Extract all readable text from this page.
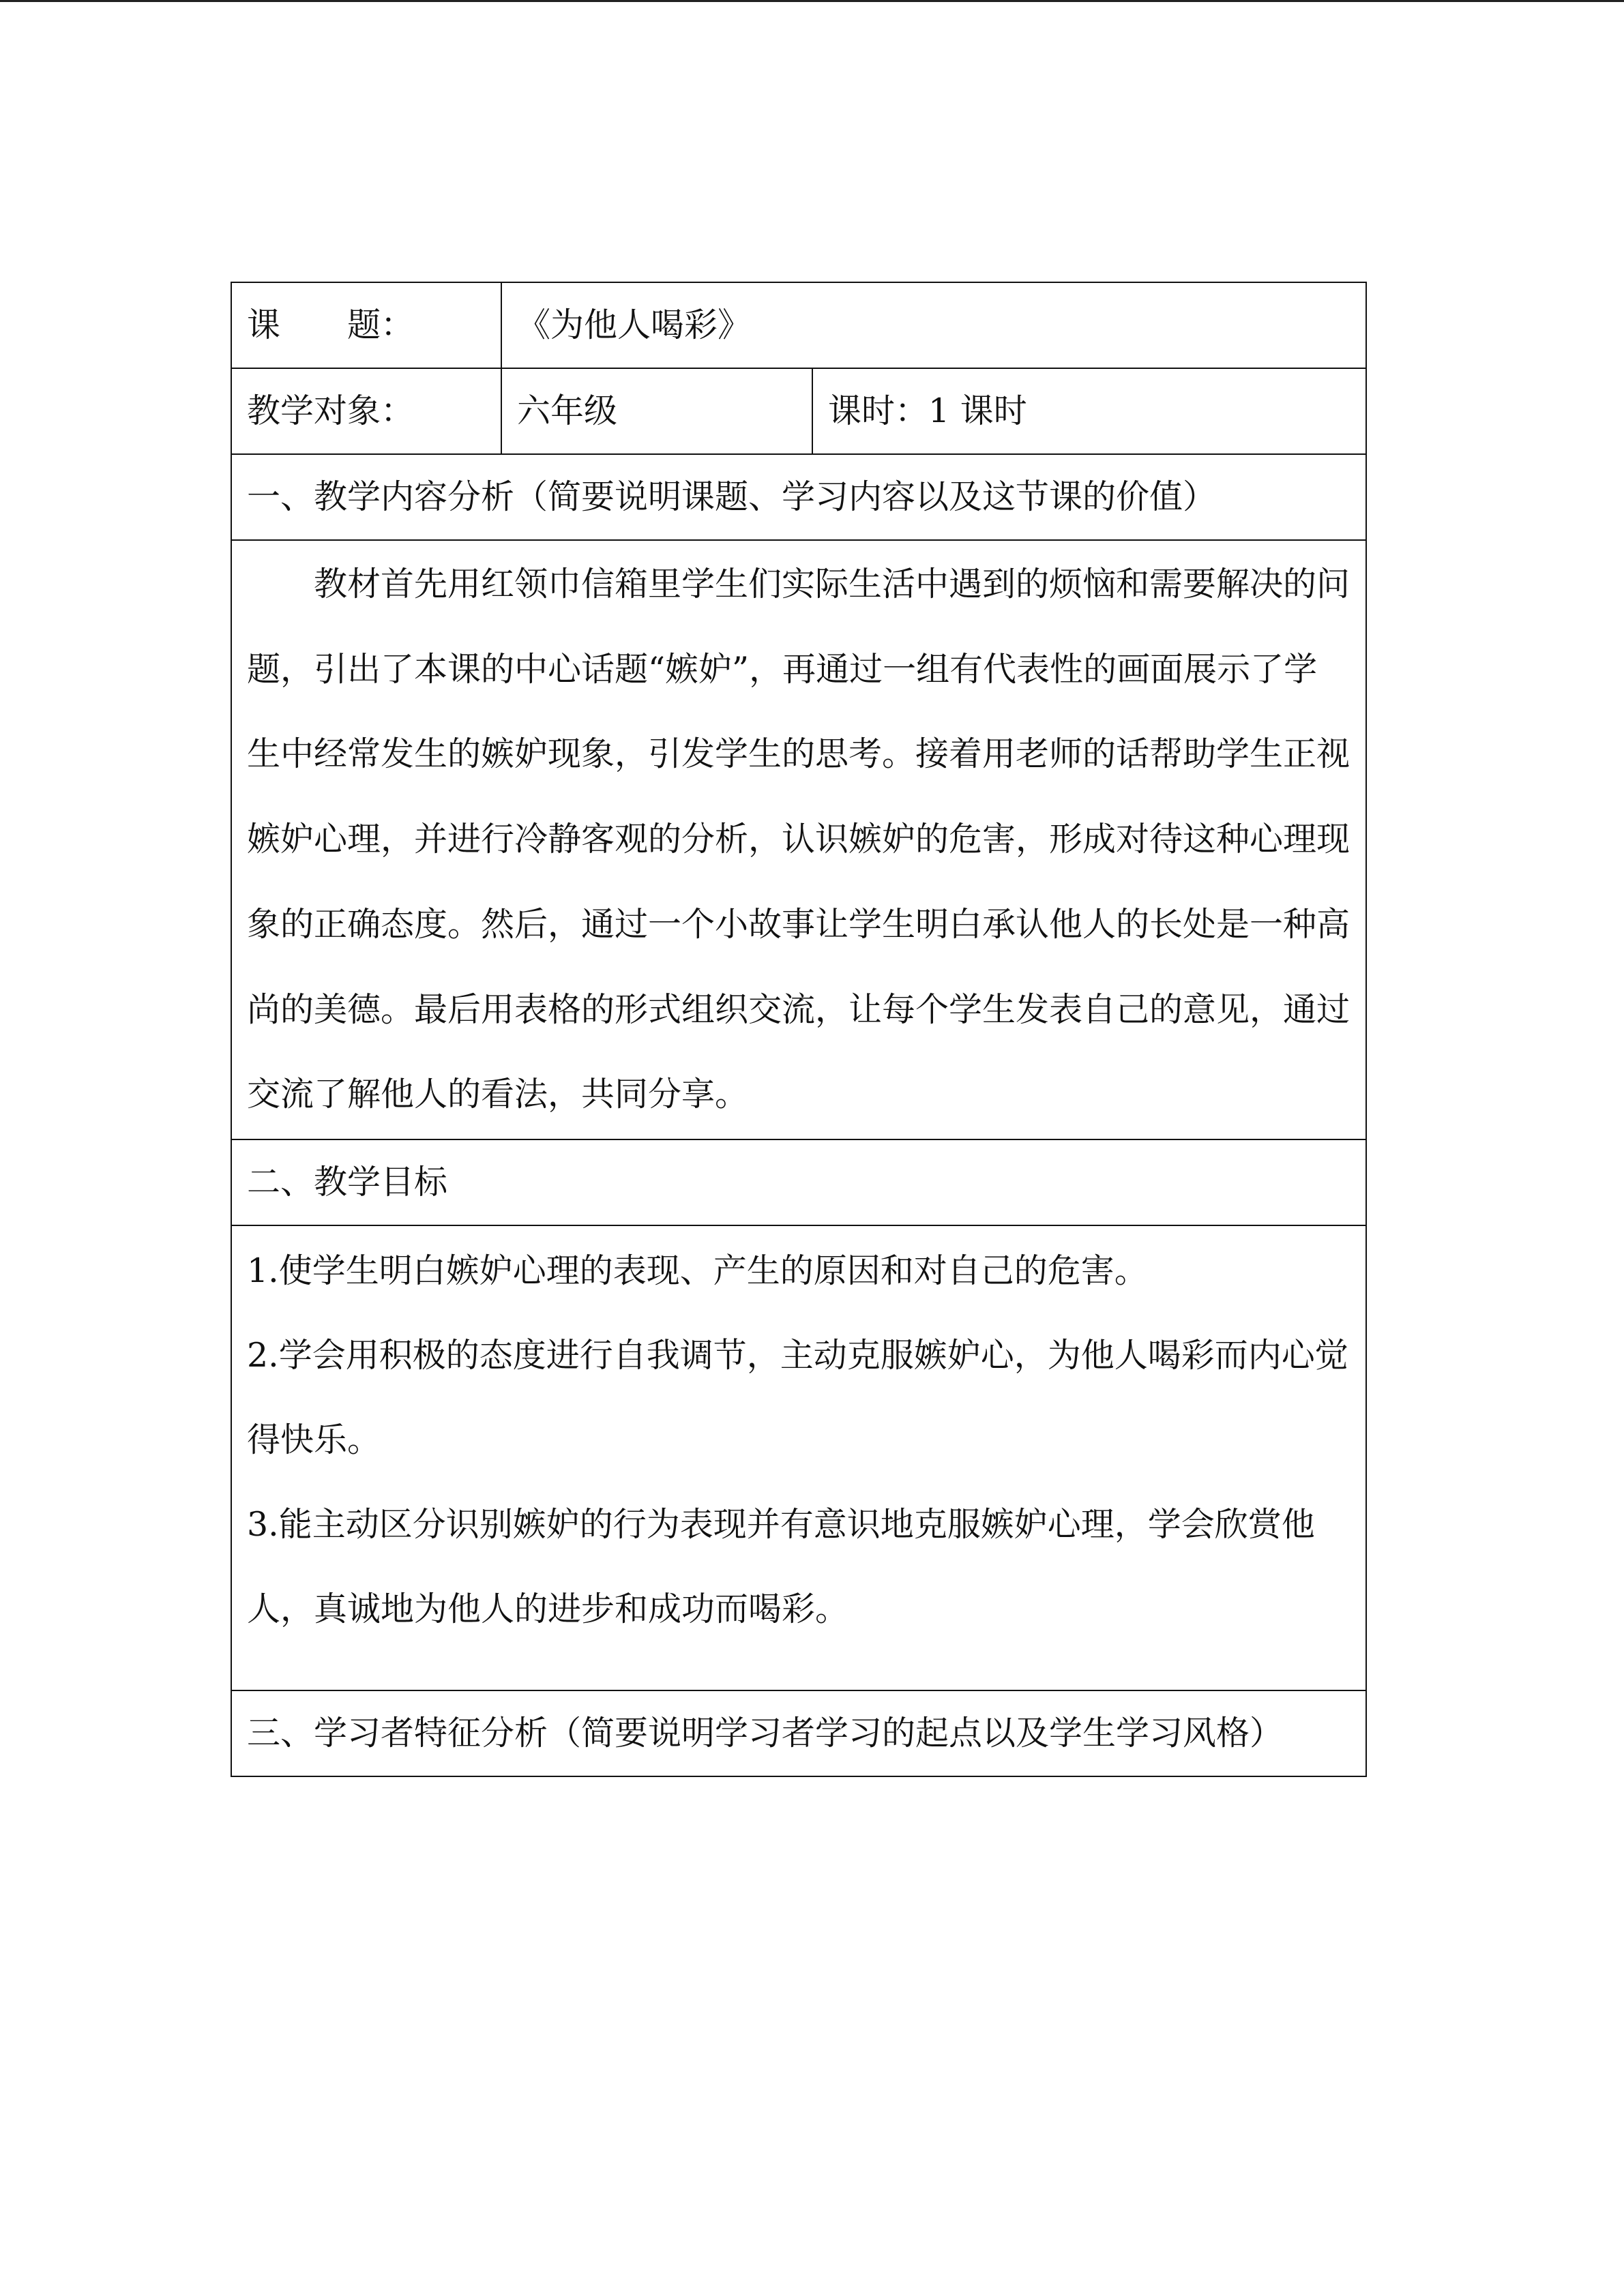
课　　题：	《为他人喝彩》	
教学对象：	六年级	课时：1 课时
一、教学内容分析（简要说明课题、学习内容以及这节课的价值）		
教材首先用红领巾信箱里学生们实际生活中遇到的烦恼和需要解决的问题，引出了本课的中心话题“嫉妒”，再通过一组有代表性的画面展示了学生中经常发生的嫉妒现象，引发学生的思考。接着用老师的话帮助学生正视嫉妒心理，并进行冷静客观的分析，认识嫉妒的危害，形成对待这种心理现象的正确态度。然后，通过一个小故事让学生明白承认他人的长处是一种高尚的美德。最后用表格的形式组织交流，让每个学生发表自己的意见，通过交流了解他人的看法，共同分享。		
二、教学目标		

1.使学生明白嫉妒心理的表现、产生的原因和对自己的危害。

2.学会用积极的态度进行自我调节，主动克服嫉妒心，为他人喝彩而内心觉得快乐。

3.能主动区分识别嫉妒的行为表现并有意识地克服嫉妒心理，学会欣赏他人，真诚地为他人的进步和成功而喝彩。		

三、学习者特征分析（简要说明学习者学习的起点以及学生学习风格）		
